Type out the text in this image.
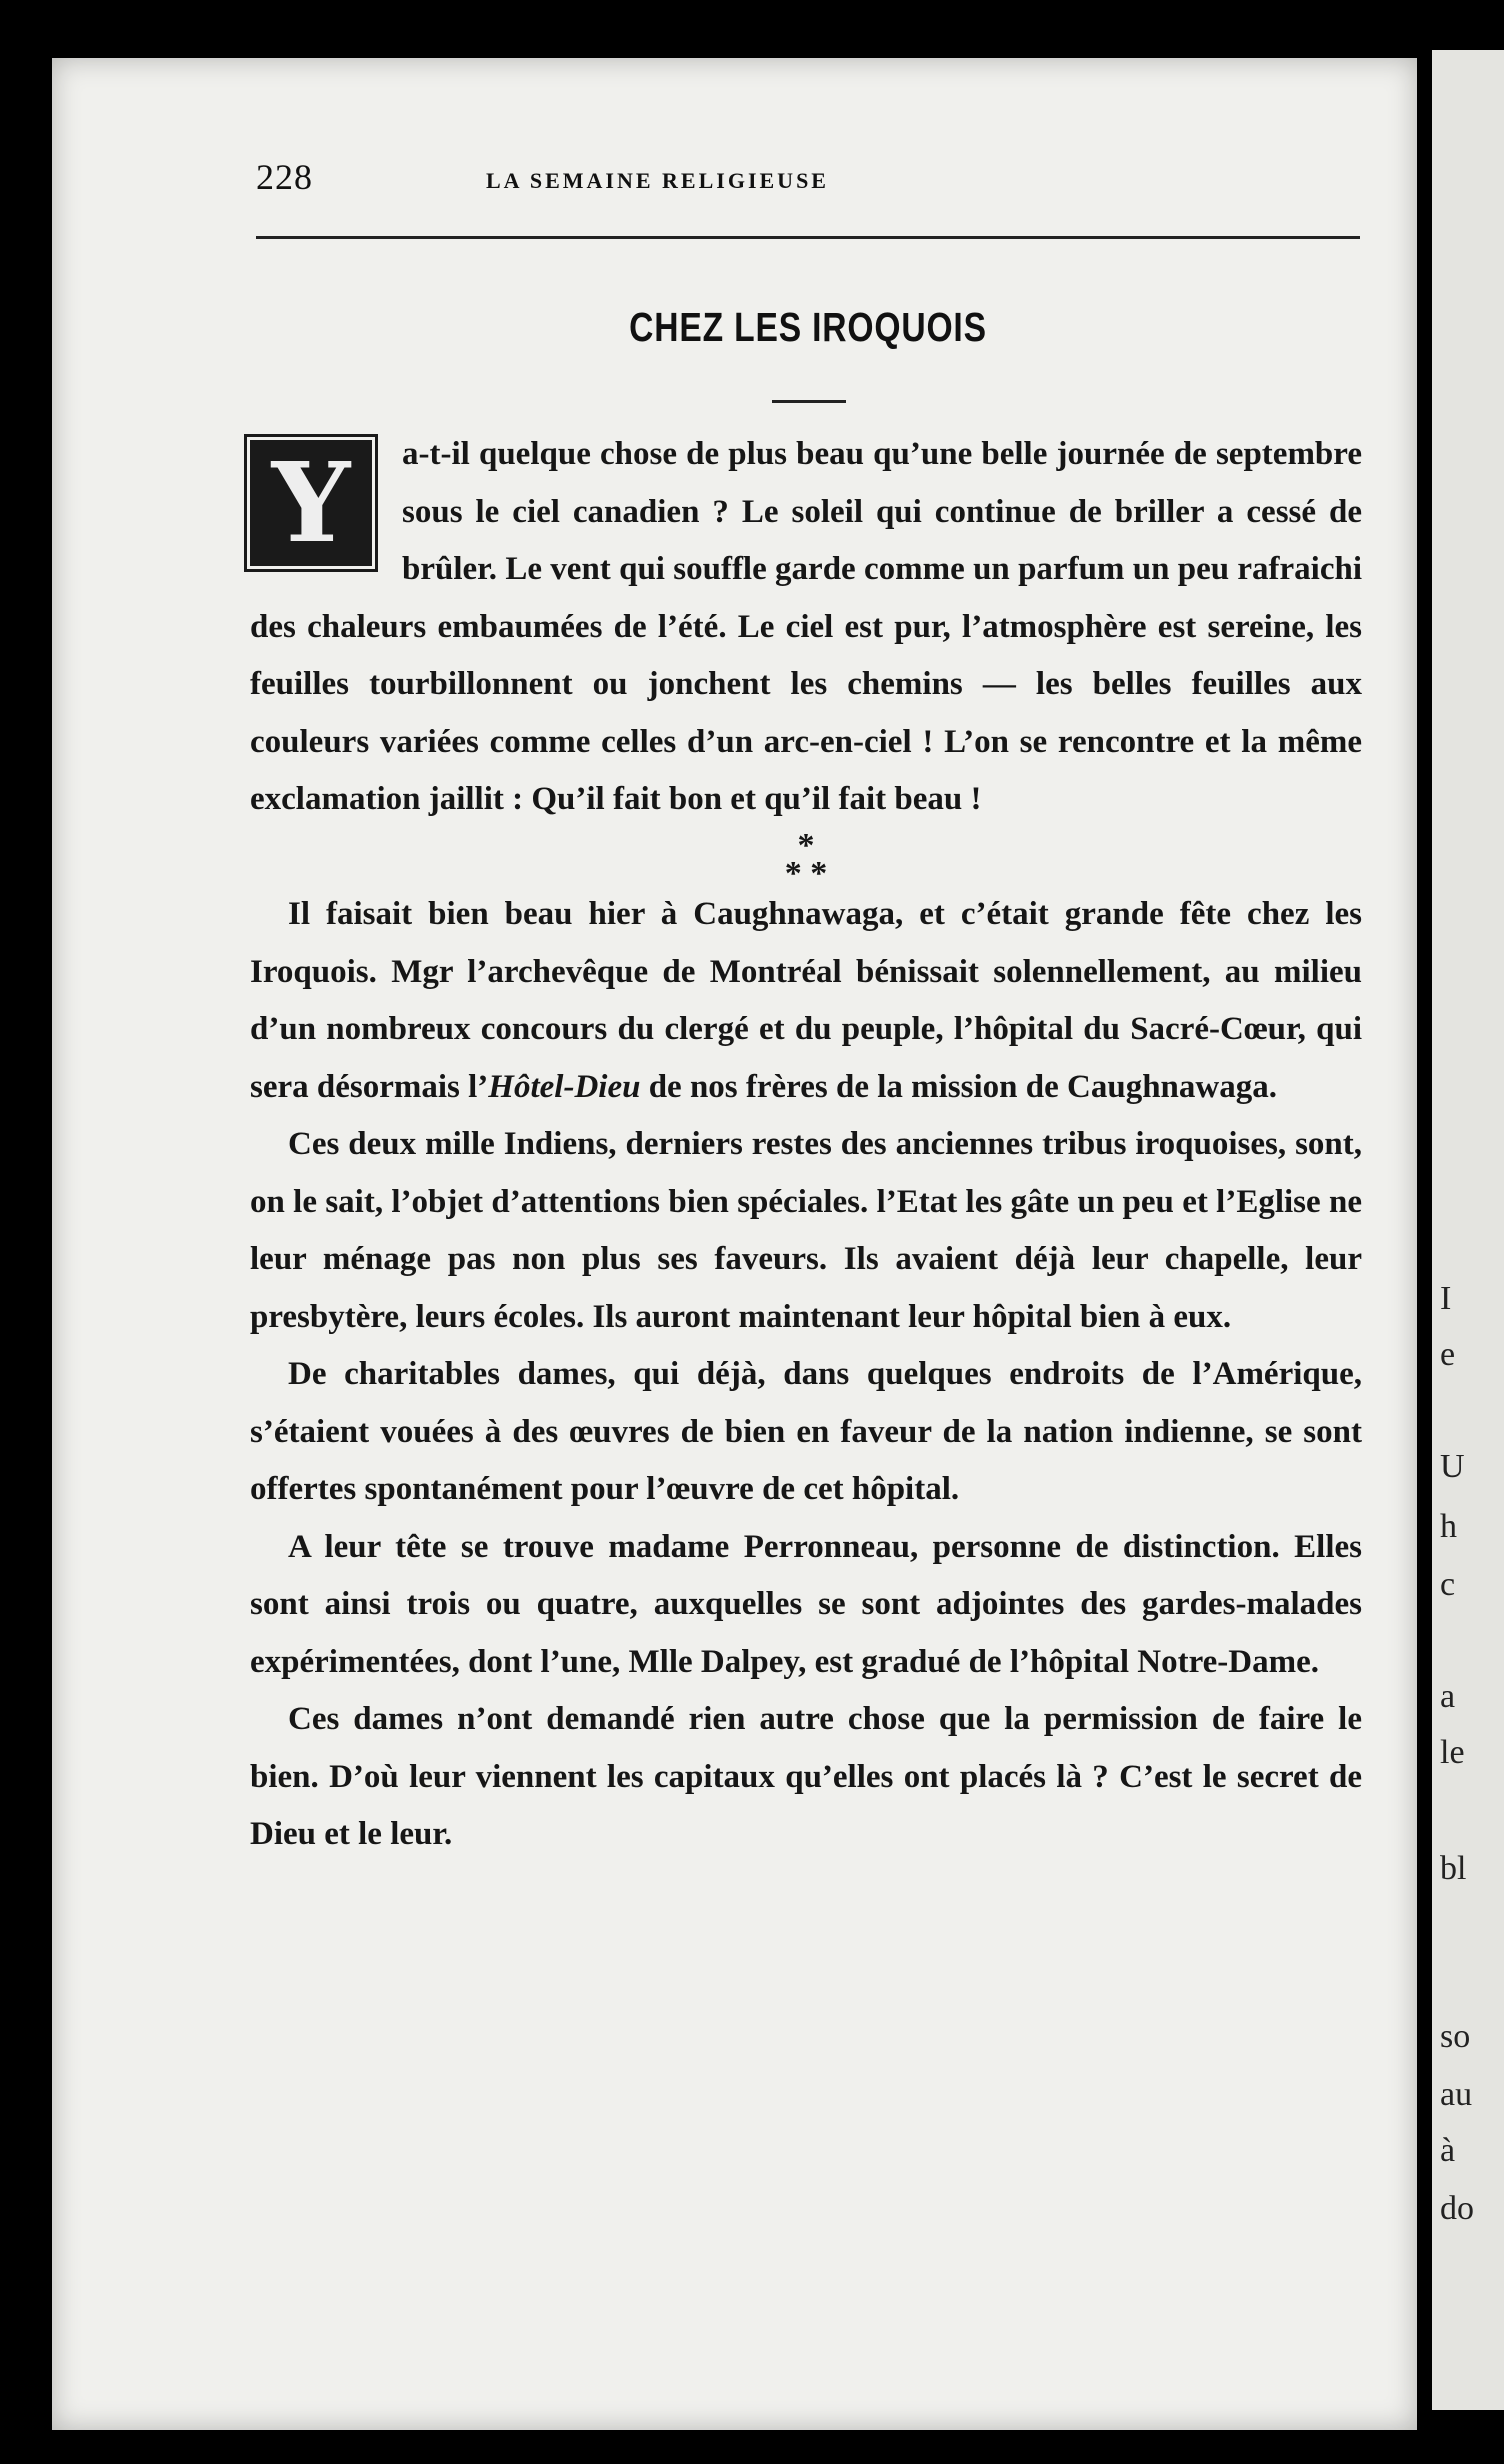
I
e
U
h
c
a
le
bl
so
au
à
do
228	LA SEMAINE RELIGIEUSE
CHEZ LES IROQUOIS

Y a-t-il quelque chose de plus beau qu’une belle journée de septembre sous le ciel canadien ? Le soleil qui continue de briller a cessé de brûler. Le vent qui souffle garde comme un parfum un peu rafraichi des chaleurs embaumées de l’été. Le ciel est pur, l’atmosphère est sereine, les feuilles tourbillonnent ou jonchent les chemins — les belles feuilles aux couleurs variées comme celles d’un arc-en-ciel ! L’on se rencontre et la même exclamation jaillit : Qu’il fait bon et qu’il fait beau !

*
* *

Il faisait bien beau hier à Caughnawaga, et c’était grande fête chez les Iroquois. Mgr l’archevêque de Montréal bénissait solennellement, au milieu d’un nombreux concours du clergé et du peuple, l’hôpital du Sacré-Cœur, qui sera désormais l’Hôtel-Dieu de nos frères de la mission de Caughnawaga.

Ces deux mille Indiens, derniers restes des anciennes tribus iroquoises, sont, on le sait, l’objet d’attentions bien spéciales. l’Etat les gâte un peu et l’Eglise ne leur ménage pas non plus ses faveurs. Ils avaient déjà leur chapelle, leur presbytère, leurs écoles. Ils auront maintenant leur hôpital bien à eux.

De charitables dames, qui déjà, dans quelques endroits de l’Amérique, s’étaient vouées à des œuvres de bien en faveur de la nation indienne, se sont offertes spontanément pour l’œuvre de cet hôpital.

A leur tête se trouve madame Perronneau, personne de distinction. Elles sont ainsi trois ou quatre, auxquelles se sont adjointes des gardes-malades expérimentées, dont l’une, Mlle Dalpey, est gradué de l’hôpital Notre-Dame.

Ces dames n’ont demandé rien autre chose que la permission de faire le bien. D’où leur viennent les capitaux qu’elles ont placés là ? C’est le secret de Dieu et le leur.
